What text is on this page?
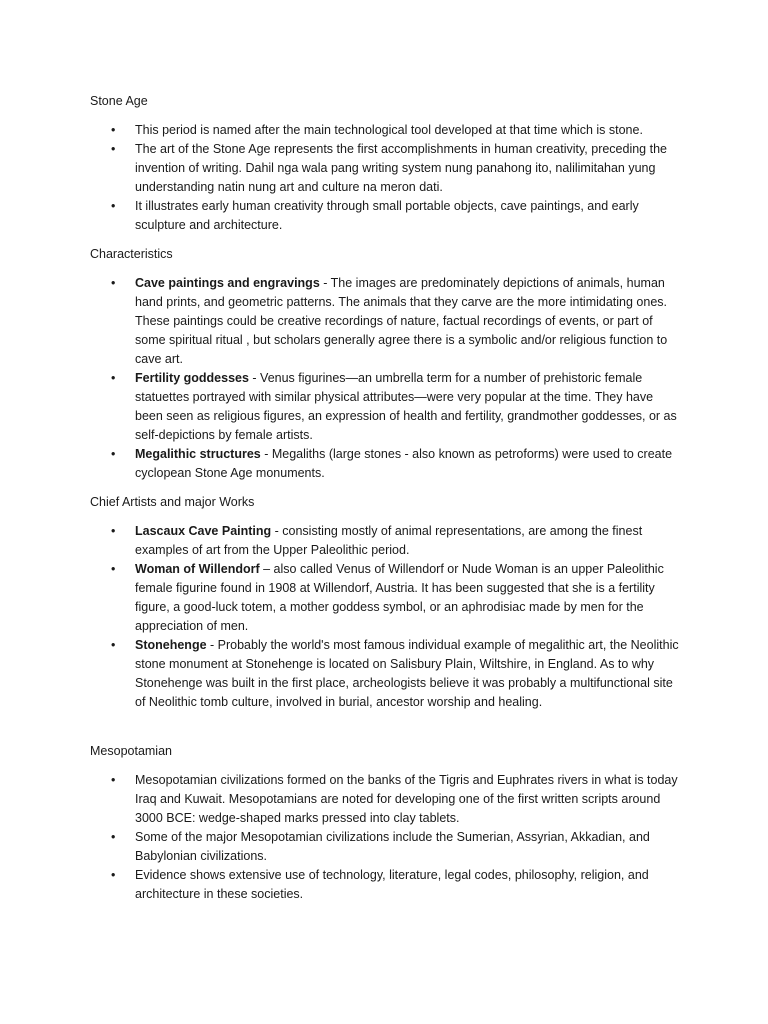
Stone Age

• This period is named after the main technological tool developed at that time which is stone.
• The art of the Stone Age represents the first accomplishments in human creativity, preceding the invention of writing. Dahil nga wala pang writing system nung panahong ito, nalilimitahan yung understanding natin nung art and culture na meron dati.
• It illustrates early human creativity through small portable objects, cave paintings, and early sculpture and architecture.

Characteristics

• Cave paintings and engravings - The images are predominately depictions of animals, human hand prints, and geometric patterns. The animals that they carve are the more intimidating ones. These paintings could be creative recordings of nature, factual recordings of events, or part of some spiritual ritual , but scholars generally agree there is a symbolic and/or religious function to cave art.
• Fertility goddesses - Venus figurines—an umbrella term for a number of prehistoric female statuettes portrayed with similar physical attributes—were very popular at the time. They have been seen as religious figures, an expression of health and fertility, grandmother goddesses, or as self-depictions by female artists.
• Megalithic structures - Megaliths (large stones - also known as petroforms) were used to create cyclopean Stone Age monuments.

Chief Artists and major Works

• Lascaux Cave Painting - consisting mostly of animal representations, are among the finest examples of art from the Upper Paleolithic period.
• Woman of Willendorf – also called Venus of Willendorf or Nude Woman is an upper Paleolithic female figurine found in 1908 at Willendorf, Austria. It has been suggested that she is a fertility figure, a good-luck totem, a mother goddess symbol, or an aphrodisiac made by men for the appreciation of men.
• Stonehenge - Probably the world's most famous individual example of megalithic art, the Neolithic stone monument at Stonehenge is located on Salisbury Plain, Wiltshire, in England. As to why Stonehenge was built in the first place, archeologists believe it was probably a multifunctional site of Neolithic tomb culture, involved in burial, ancestor worship and healing.

Mesopotamian

• Mesopotamian civilizations formed on the banks of the Tigris and Euphrates rivers in what is today Iraq and Kuwait. Mesopotamians are noted for developing one of the first written scripts around 3000 BCE: wedge-shaped marks pressed into clay tablets.
• Some of the major Mesopotamian civilizations include the Sumerian, Assyrian, Akkadian, and Babylonian civilizations.
• Evidence shows extensive use of technology, literature, legal codes, philosophy, religion, and architecture in these societies.
